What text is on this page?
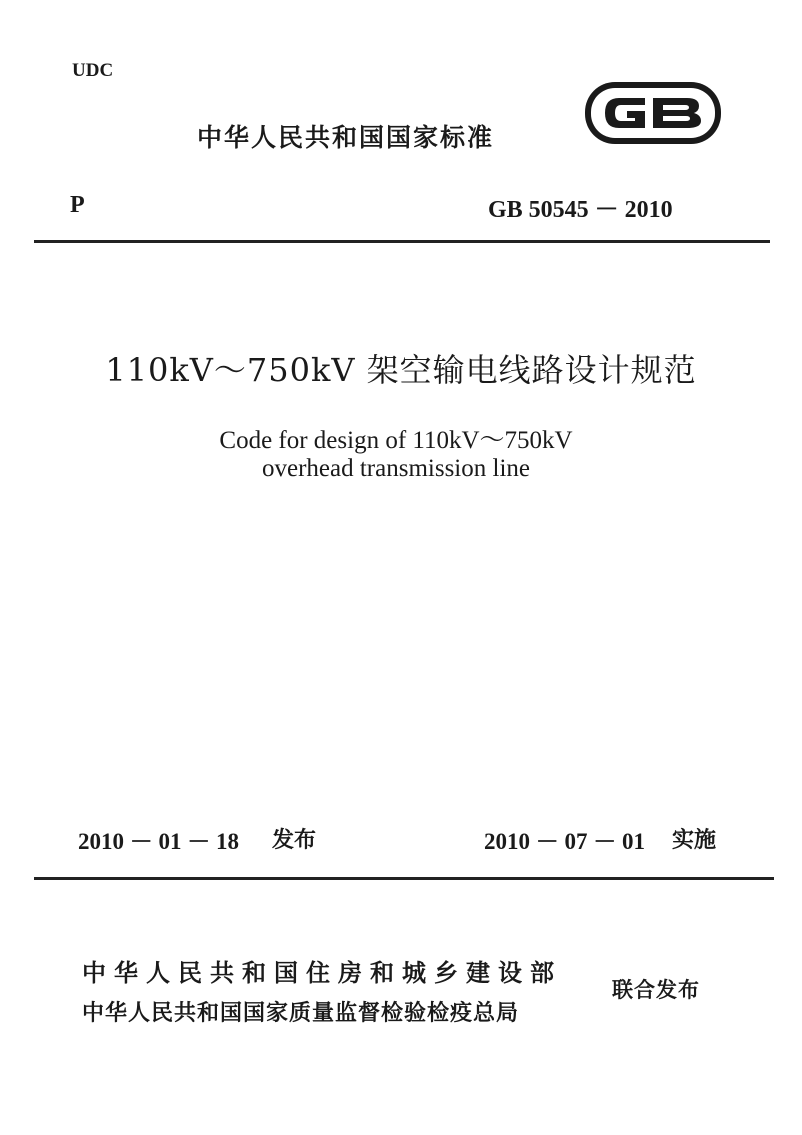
UDC
中华人民共和国国家标准
P	GB 50545 － 2010
110kV～750kV 架空输电线路设计规范
Code for design of 110kV～750kV
overhead transmission line
2010 － 01 － 18 发布	2010 － 07 － 01 实施
中华人民共和国住房和城乡建设部
中华人民共和国国家质量监督检验检疫总局
联合发布
